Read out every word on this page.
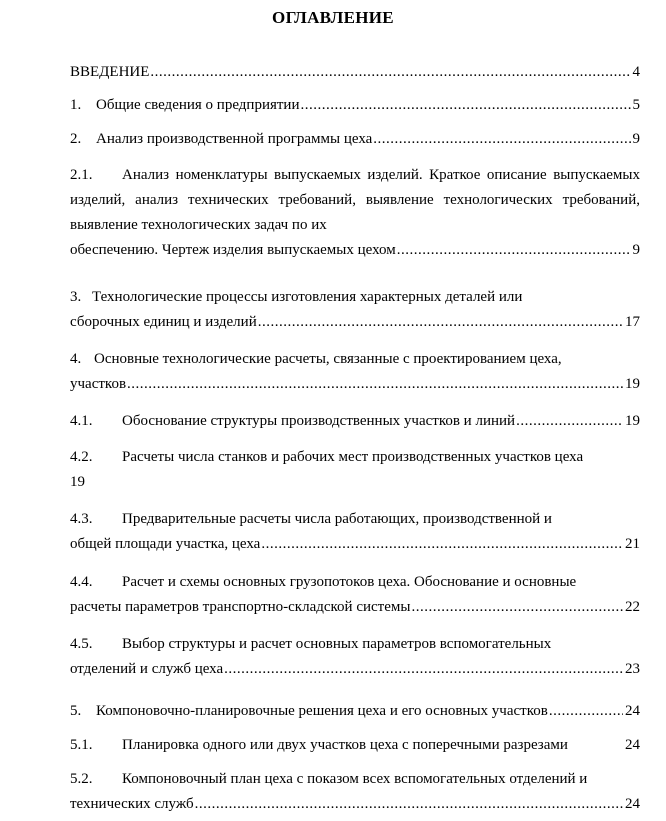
ОГЛАВЛЕНИЕ
ВВЕДЕНИЕ .....	4
1. Общие сведения о предприятии .....	5
2. Анализ производственной программы цеха .....	9
2.1. Анализ номенклатуры выпускаемых изделий. Краткое описание выпускаемых изделий, анализ технических требований, выявление технологических требований, выявление технологических задач по их
обеспечению. Чертеж изделия выпускаемых цехом .....	9
3. Технологические процессы изготовления характерных деталей или
сборочных единиц и изделий .....	17
4. Основные технологические расчеты, связанные с проектированием цеха,
участков .....	19
4.1. Обоснование структуры производственных участков и линий .....	19
4.2. Расчеты числа станков и рабочих мест производственных участков цеха
19
4.3. Предварительные расчеты числа работающих, производственной и
общей площади участка, цеха .....	21
4.4. Расчет и схемы основных грузопотоков цеха. Обоснование и основные
расчеты параметров транспортно-складской системы .....	22
4.5. Выбор структуры и расчет основных параметров вспомогательных
отделений и служб цеха .....	23
5. Компоновочно-планировочные решения цеха и его основных участков .....	24
5.1. Планировка одного или двух участков цеха с поперечными разрезами	24
5.2. Компоновочный план цеха с показом всех вспомогательных отделений и
технических служб .....	24
